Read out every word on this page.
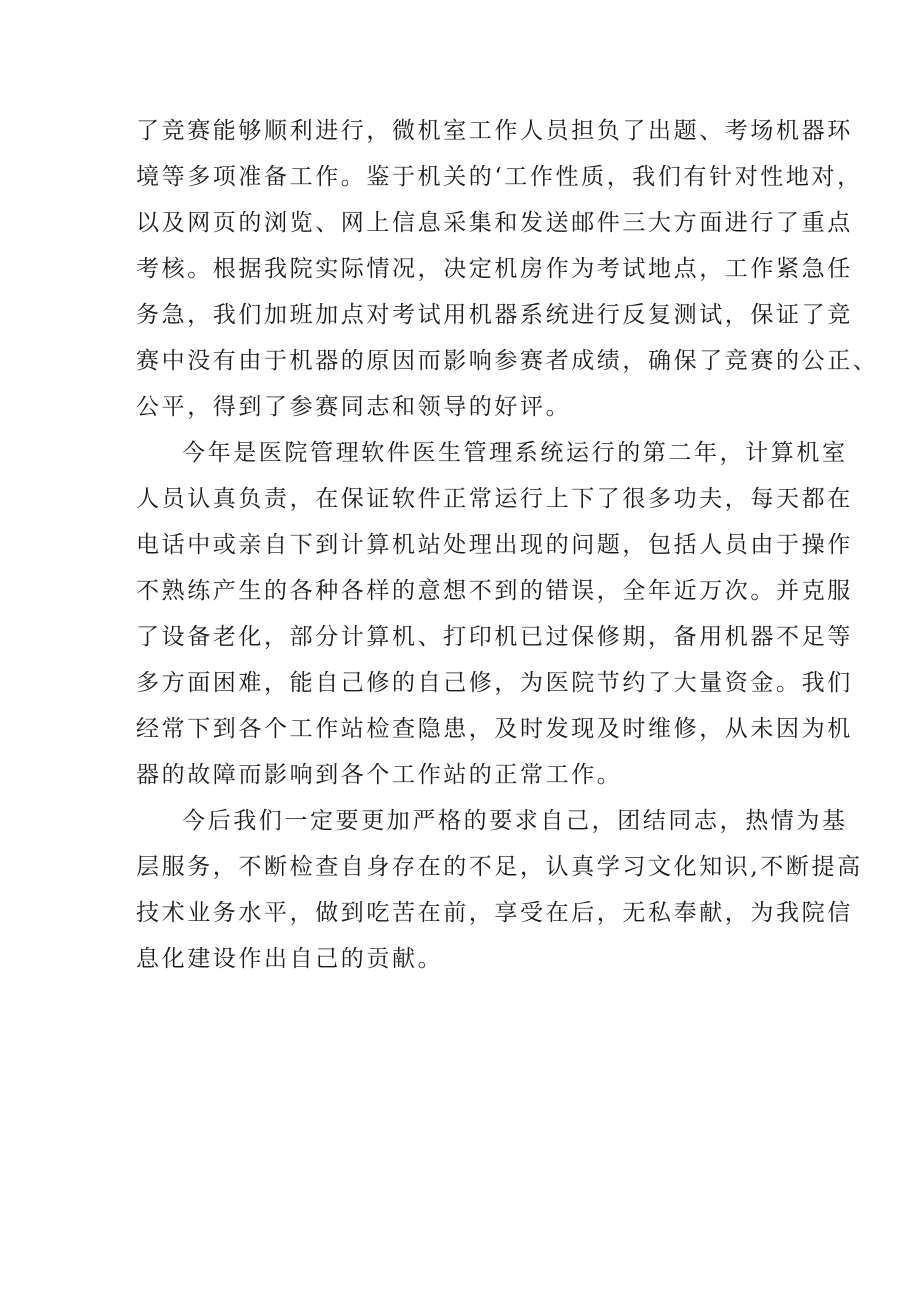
了竞赛能够顺利进行，微机室工作人员担负了出题、考场机器环
境等多项准备工作。鉴于机关的‘工作性质，我们有针对性地对，
以及网页的浏览、网上信息采集和发送邮件三大方面进行了重点
考核。根据我院实际情况，决定机房作为考试地点，工作紧急任
务急，我们加班加点对考试用机器系统进行反复测试，保证了竞
赛中没有由于机器的原因而影响参赛者成绩，确保了竞赛的公正、
公平，得到了参赛同志和领导的好评。
今年是医院管理软件医生管理系统运行的第二年，计算机室
人员认真负责，在保证软件正常运行上下了很多功夫，每天都在
电话中或亲自下到计算机站处理出现的问题，包括人员由于操作
不熟练产生的各种各样的意想不到的错误，全年近万次。并克服
了设备老化，部分计算机、打印机已过保修期，备用机器不足等
多方面困难，能自己修的自己修，为医院节约了大量资金。我们
经常下到各个工作站检查隐患，及时发现及时维修，从未因为机
器的故障而影响到各个工作站的正常工作。
今后我们一定要更加严格的要求自己，团结同志，热情为基
层服务，不断检查自身存在的不足，认真学习文化知识,不断提高
技术业务水平，做到吃苦在前，享受在后，无私奉献，为我院信
息化建设作出自己的贡献。
